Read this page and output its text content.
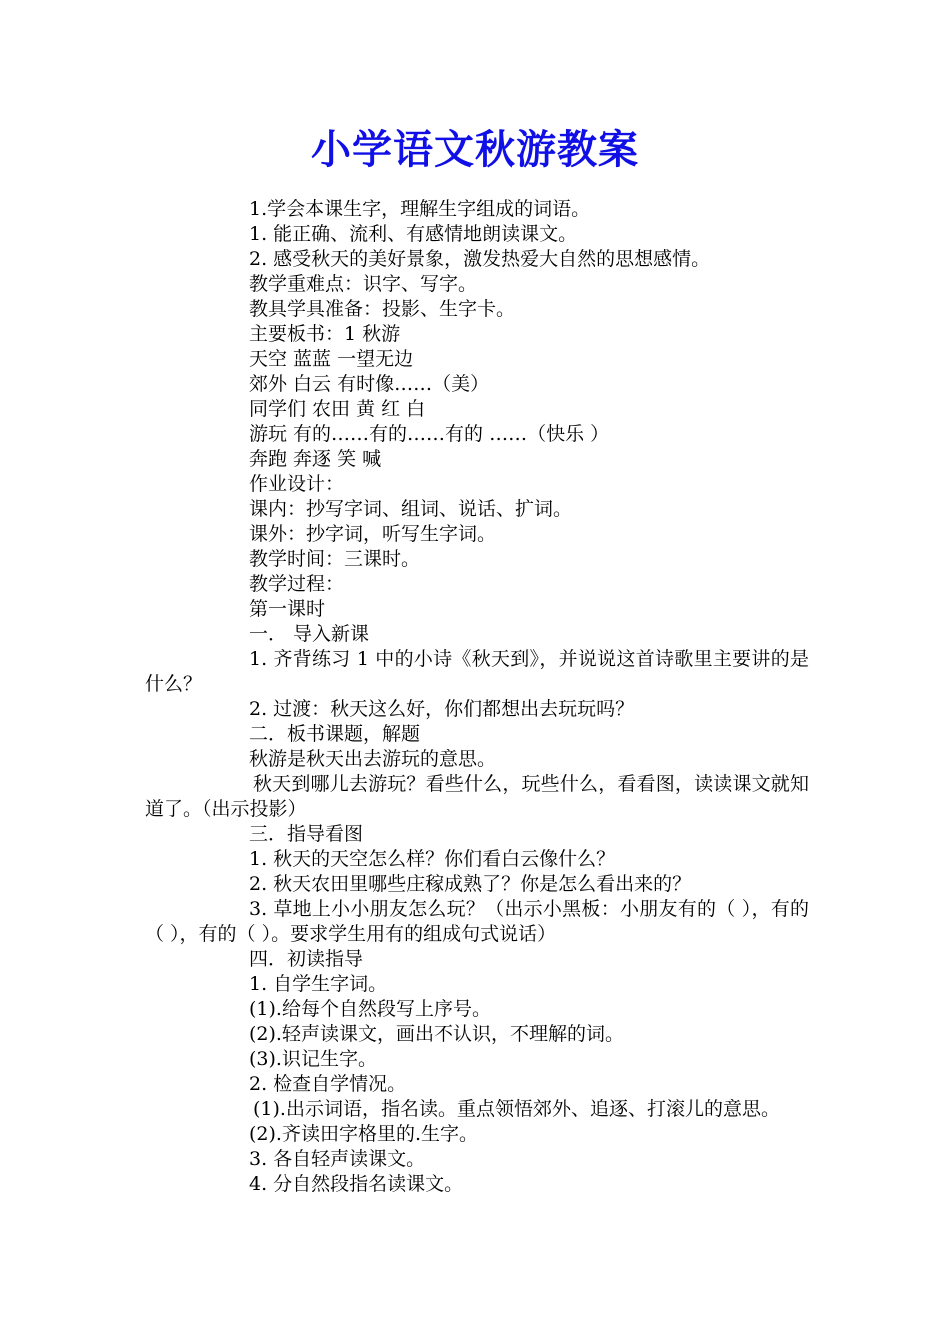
小学语文秋游教案

1.学会本课生字，理解生字组成的词语。

1. 能正确、流利、有感情地朗读课文。

2. 感受秋天的美好景象，激发热爱大自然的思想感情。

教学重难点：识字、写字。

教具学具准备：投影、生字卡。

主要板书：1 秋游

天空 蓝蓝 一望无边

郊外 白云 有时像……（美）

同学们 农田 黄 红 白

游玩 有的……有的……有的 ……（快乐 ）

奔跑 奔逐 笑 喊

作业设计：

课内：抄写字词、组词、说话、扩词。

课外：抄字词，听写生字词。

教学时间：三课时。

教学过程：

第一课时

一． 导入新课

1. 齐背练习 1 中的小诗《秋天到》，并说说这首诗歌里主要讲的是什么？

2. 过渡：秋天这么好，你们都想出去玩玩吗？

二．板书课题，解题

秋游是秋天出去游玩的意思。

秋天到哪儿去游玩？看些什么，玩些什么，看看图，读读课文就知道了。（出示投影）

三．指导看图

1. 秋天的天空怎么样？你们看白云像什么？

2. 秋天农田里哪些庄稼成熟了？你是怎么看出来的？

3. 草地上小小朋友怎么玩？（出示小黑板：小朋友有的（ ），有的（ ），有的（ ）。要求学生用有的组成句式说话）

四．初读指导

1. 自学生字词。

(1).给每个自然段写上序号。

(2).轻声读课文，画出不认识，不理解的词。

(3).识记生字。

2. 检查自学情况。

(1).出示词语，指名读。重点领悟郊外、追逐、打滚儿的意思。

(2).齐读田字格里的.生字。

3. 各自轻声读课文。

4. 分自然段指名读课文。
